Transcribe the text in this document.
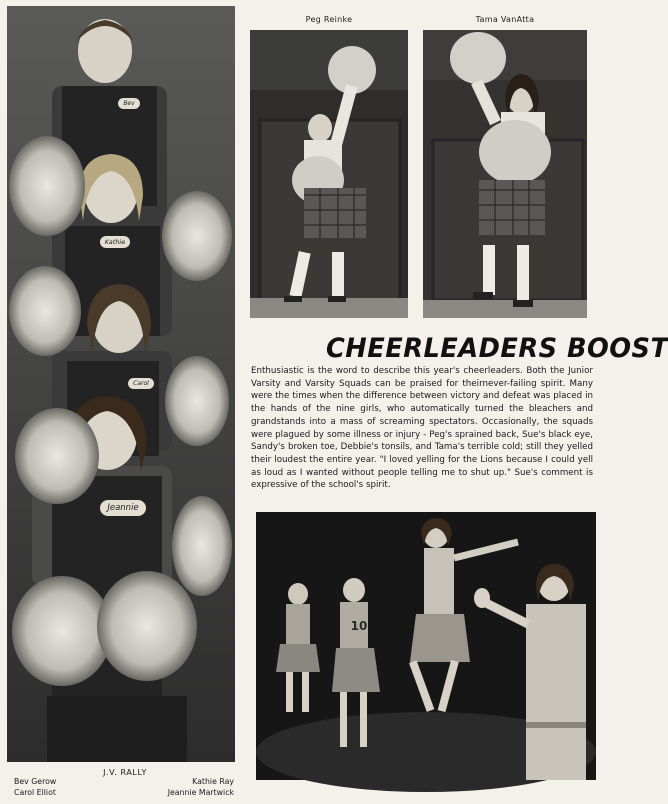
Bev
Kathie
Carol
Jeannie
Peg Reinke	Tama VanAtta
CHEERLEADERS BOOST
Enthusiastic is the word to describe this year's cheerleaders. Both the Junior Varsity and Varsity Squads can be praised for theirnever-failing spirit. Many were the times when the difference between victory and defeat was placed in the hands of the nine girls, who automatically turned the bleachers and grandstands into a mass of screaming spectators. Occasionally, the squads were plagued by some illness or injury - Peg's sprained back, Sue's black eye, Sandy's broken toe, Debbie's tonsils, and Tama's terrible cold; still they yelled their loudest the entire year. "I loved yelling for the Lions because I could yell as loud as I wanted without people telling me to shut up." Sue's comment is expressive of the school's spirit.
10
J.V. RALLY
Bev Gerow
Carol Elliot
Kathie Ray
Jeannie Martwick
